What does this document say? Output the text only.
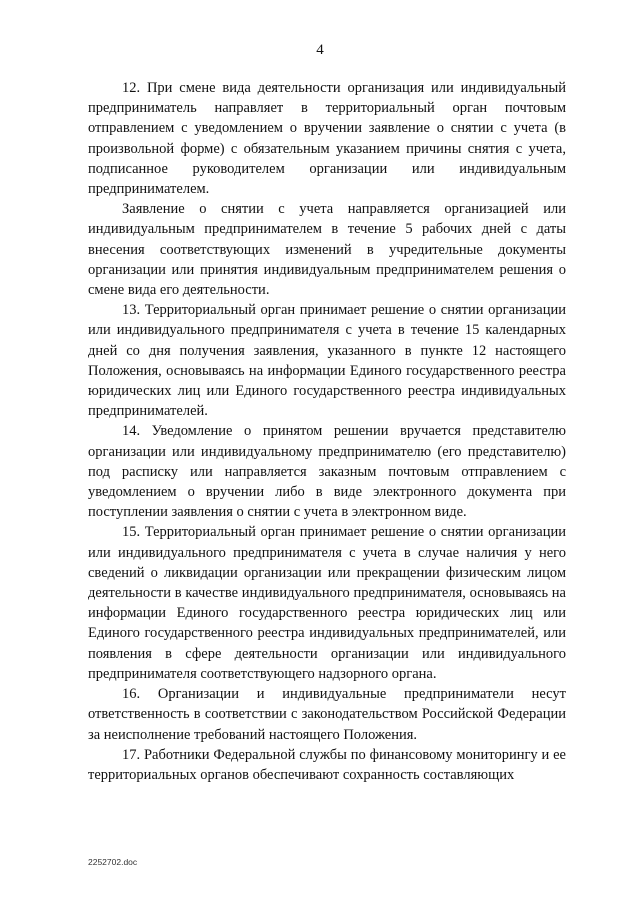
4

12. При смене вида деятельности организация или индивидуальный предприниматель направляет в территориальный орган почтовым отправлением с уведомлением о вручении заявление о снятии с учета (в произвольной форме) с обязательным указанием причины снятия с учета, подписанное руководителем организации или индивидуальным предпринимателем.

Заявление о снятии с учета направляется организацией или индивидуальным предпринимателем в течение 5 рабочих дней с даты внесения соответствующих изменений в учредительные документы организации или принятия индивидуальным предпринимателем решения о смене вида его деятельности.

13. Территориальный орган принимает решение о снятии организации или индивидуального предпринимателя с учета в течение 15 календарных дней со дня получения заявления, указанного в пункте 12 настоящего Положения, основываясь на информации Единого государственного реестра юридических лиц или Единого государственного реестра индивидуальных предпринимателей.

14. Уведомление о принятом решении вручается представителю организации или индивидуальному предпринимателю (его представителю) под расписку или направляется заказным почтовым отправлением с уведомлением о вручении либо в виде электронного документа при поступлении заявления о снятии с учета в электронном виде.

15. Территориальный орган принимает решение о снятии организации или индивидуального предпринимателя с учета в случае наличия у него сведений о ликвидации организации или прекращении физическим лицом деятельности в качестве индивидуального предпринимателя, основываясь на информации Единого государственного реестра юридических лиц или Единого государственного реестра индивидуальных предпринимателей, или появления в сфере деятельности организации или индивидуального предпринимателя соответствующего надзорного органа.

16. Организации и индивидуальные предприниматели несут ответственность в соответствии с законодательством Российской Федерации за неисполнение требований настоящего Положения.

17. Работники Федеральной службы по финансовому мониторингу и ее территориальных органов обеспечивают сохранность составляющих

2252702.doc
